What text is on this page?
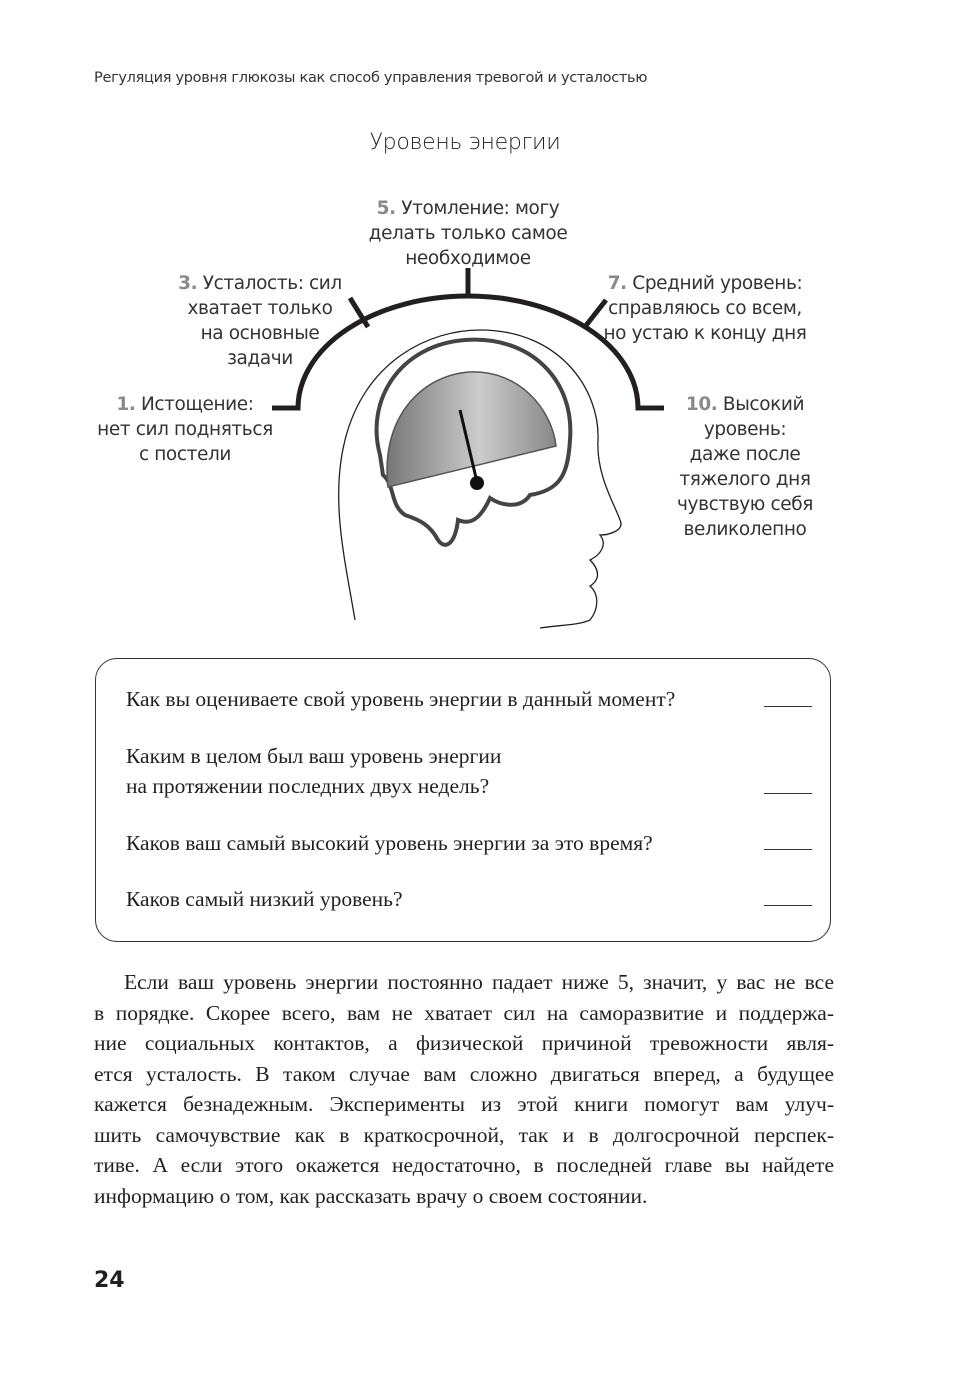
Регуляция уровня глюкозы как способ управления тревогой и усталостью
Уровень энергии
1. Истощение:
нет сил подняться
с постели
3. Усталость: сил
хватает только
на основные
задачи
5. Утомление: могу
делать только самое
необходимое
7. Средний уровень:
справляюсь со всем,
но устаю к концу дня
10. Высокий
уровень:
даже после
тяжелого дня
чувствую себя
великолепно
Как вы оцениваете свой уровень энергии в данный момент?
Каким в целом был ваш уровень энергии
на протяжении последних двух недель?
Каков ваш самый высокий уровень энергии за это время?
Каков самый низкий уровень?
Если ваш уровень энергии постоянно падает ниже 5, значит, у вас не все
в порядке. Скорее всего, вам не хватает сил на саморазвитие и поддержа-
ние социальных контактов, а физической причиной тревожности явля-
ется усталость. В таком случае вам сложно двигаться вперед, а будущее
кажется безнадежным. Эксперименты из этой книги помогут вам улуч-
шить самочувствие как в краткосрочной, так и в долгосрочной перспек-
тиве. А если этого окажется недостаточно, в последней главе вы найдете
информацию о том, как рассказать врачу о своем состоянии.
24
